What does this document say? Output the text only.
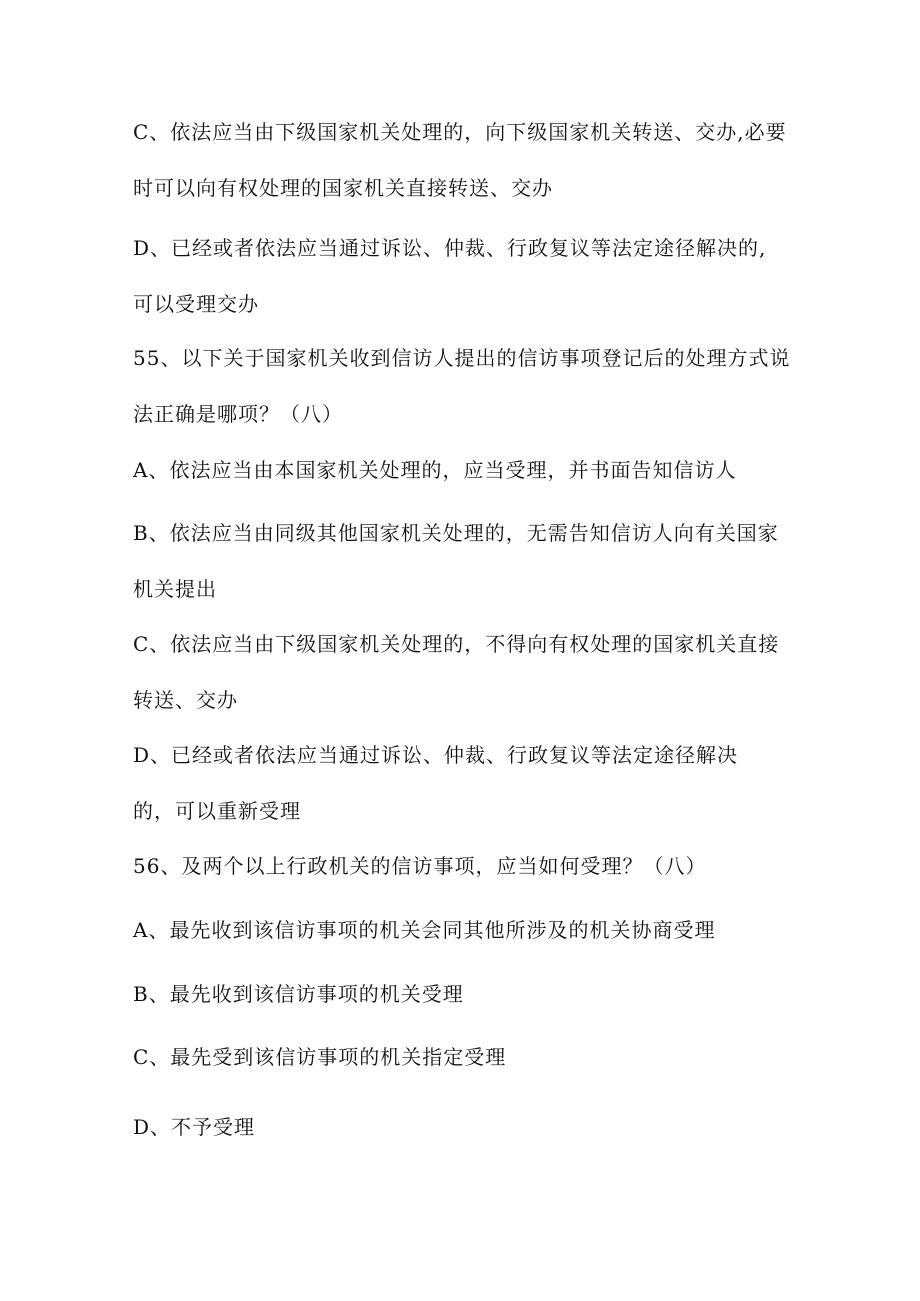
C、依法应当由下级国家机关处理的，向下级国家机关转送、交办,必要时可以向有权处理的国家机关直接转送、交办

D、已经或者依法应当通过诉讼、仲裁、行政复议等法定途径解决的,可以受理交办

55、以下关于国家机关收到信访人提出的信访事项登记后的处理方式说法正确是哪项？（八）

A、依法应当由本国家机关处理的，应当受理，并书面告知信访人

B、依法应当由同级其他国家机关处理的，无需告知信访人向有关国家机关提出

C、依法应当由下级国家机关处理的，不得向有权处理的国家机关直接转送、交办

D、已经或者依法应当通过诉讼、仲裁、行政复议等法定途径解决的，可以重新受理

56、及两个以上行政机关的信访事项，应当如何受理？（八）

A、最先收到该信访事项的机关会同其他所涉及的机关协商受理

B、最先收到该信访事项的机关受理

C、最先受到该信访事项的机关指定受理

D、不予受理
